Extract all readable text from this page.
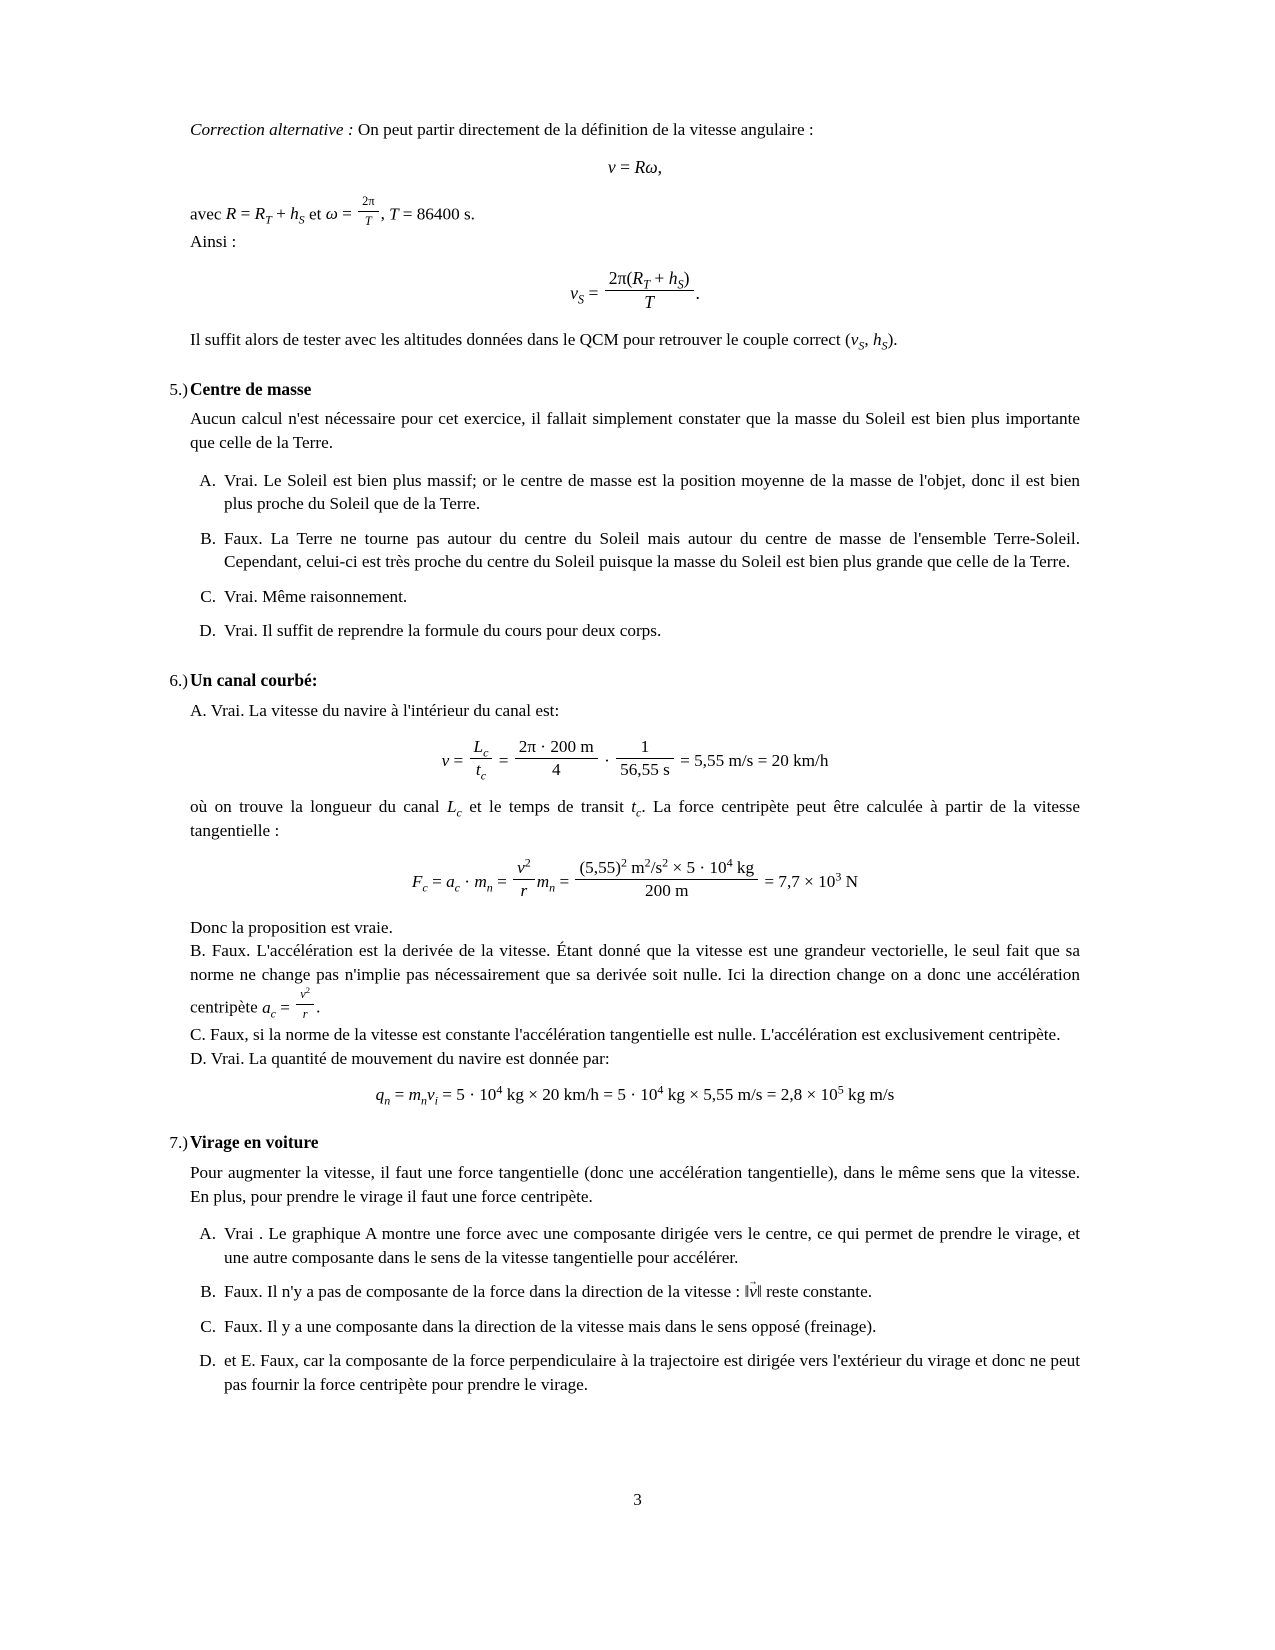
Correction alternative : On peut partir directement de la définition de la vitesse angulaire :

v = Rω,

avec $R = R_T + h_S$ et $\omega = \frac{2\pi}{T}$ , T = 86400 s.

Ainsi :

$v_S = \frac{2\pi(R_T + h_S)}{T}$ .

Il suffit alors de tester avec les altitudes données dans le QCM pour retrouver le couple correct ($v_S$, $h_S$).

5.) Centre de masse

Aucun calcul n'est nécessaire pour cet exercice, il fallait simplement constater que la masse du Soleil est bien plus importante que celle de la Terre.

A. Vrai. Le Soleil est bien plus massif; or le centre de masse est la position moyenne de la masse de l'objet, donc il est bien plus proche du Soleil que de la Terre.
B. Faux. La Terre ne tourne pas autour du centre du Soleil mais autour du centre de masse de l'ensemble Terre-Soleil. Cependant, celui-ci est très proche du centre du Soleil puisque la masse du Soleil est bien plus grande que celle de la Terre.
C. Vrai. Même raisonnement.
D. Vrai. Il suffit de reprendre la formule du cours pour deux corps.
6.) Un canal courbé:

A. Vrai. La vitesse du navire à l'intérieur du canal est:

$v = \frac{L_c}{t_c} = \frac{2\pi \cdot 200 m}{4} \cdot \frac{1}{56,55 s} = 5,55$ m/s = 20 km/h

où on trouve la longueur du canal $L_c$ et le temps de transit $t_c$. La force centripète peut être calculée à partir de la vitesse tangentielle :

$F_c = a_c \cdot m_n = \frac{v^2}{r} m_n = \frac{(5,55)^2 m^2/s^2 \times 5 \cdot 10^4 kg}{200 m} = 7,7 \times 10^3$ N

Donc la proposition est vraie.

B. Faux. L'accélération est la derivée de la vitesse. Étant donné que la vitesse est une grandeur vectorielle, le seul fait que sa norme ne change pas n'implie pas nécessairement que sa derivée soit nulle. Ici la direction change on a donc une accélération centripète $a_c = \frac{v^2}{r}$ .

C. Faux, si la norme de la vitesse est constante l'accélération tangentielle est nulle. L'accélération est exclusivement centripète.

D. Vrai. La quantité de mouvement du navire est donnée par:

$q_n = m_nv_i = 5 \cdot 10^4$ kg × 20 $km/h = 5 \cdot 10^4$ kg × 5,55 $m/s = 2,8 \times 10^5$ kg m/s
7.) Virage en voiture

Pour augmenter la vitesse, il faut une force tangentielle (donc une accélération tangentielle), dans le même sens que la vitesse. En plus, pour prendre le virage il faut une force centripète.

A. Vrai . Le graphique A montre une force avec une composante dirigée vers le centre, ce qui permet de prendre le virage, et une autre composante dans le sens de la vitesse tangentielle pour accélérer.
B. Faux. Il n'y a pas de composante de la force dans la direction de la vitesse : ‖v →‖ reste constante.
C. Faux. Il y a une composante dans la direction de la vitesse mais dans le sens opposé (freinage).
D. et E. Faux, car la composante de la force perpendiculaire à la trajectoire est dirigée vers l'extérieur du virage et donc ne peut pas fournir la force centripète pour prendre le virage.
3
